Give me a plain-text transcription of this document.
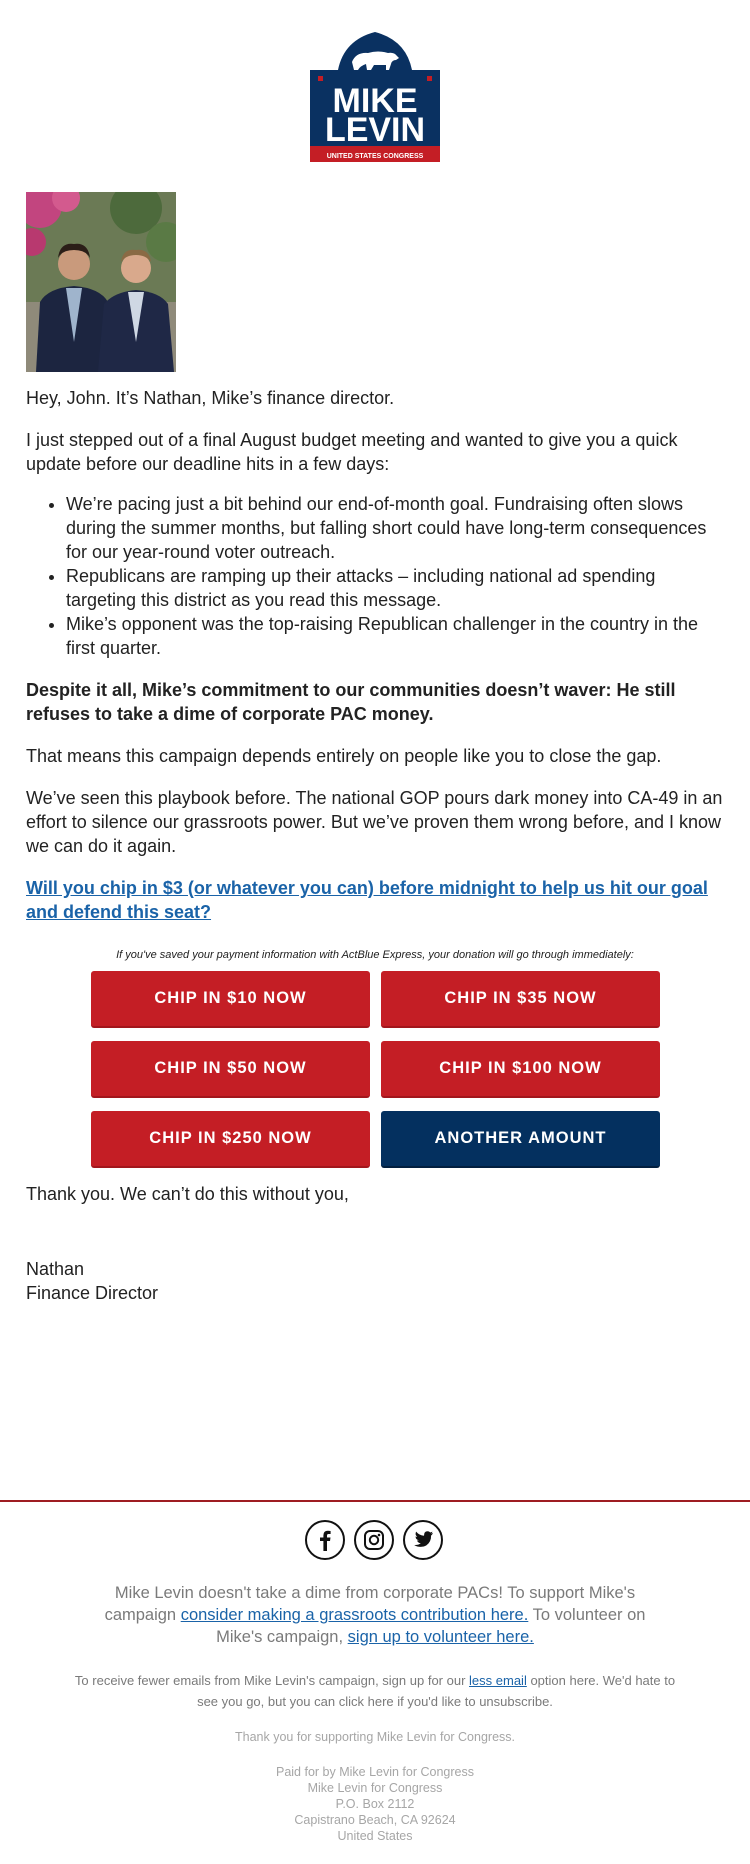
MIKE
LEVIN
UNITED STATES CONGRESS

Hey, John. It’s Nathan, Mike’s finance director.

I just stepped out of a final August budget meeting and wanted to give you a quick update before our deadline hits in a few days:

• We’re pacing just a bit behind our end-of-month goal. Fundraising often slows during the summer months, but falling short could have long-term consequences for our year-round voter outreach.
• Republicans are ramping up their attacks – including national ad spending targeting this district as you read this message.
• Mike’s opponent was the top-raising Republican challenger in the country in the first quarter.

Despite it all, Mike’s commitment to our communities doesn’t waver: He still refuses to take a dime of corporate PAC money.

That means this campaign depends entirely on people like you to close the gap.

We’ve seen this playbook before. The national GOP pours dark money into CA-49 in an effort to silence our grassroots power. But we’ve proven them wrong before, and I know we can do it again.

Will you chip in $3 (or whatever you can) before midnight to help us hit our goal and defend this seat?
If you've saved your payment information with ActBlue Express, your donation will go through immediately:
CHIP IN $10 NOW	CHIP IN $35 NOW
CHIP IN $50 NOW	CHIP IN $100 NOW
CHIP IN $250 NOW	ANOTHER AMOUNT
Thank you. We can’t do this without you,
Nathan
Finance Director
Mike Levin doesn't take a dime from corporate PACs! To support Mike's campaign consider making a grassroots contribution here. To volunteer on Mike's campaign, sign up to volunteer here.
To receive fewer emails from Mike Levin's campaign, sign up for our less email option here. We'd hate to see you go, but you can click here if you'd like to unsubscribe.
Thank you for supporting Mike Levin for Congress.
Paid for by Mike Levin for Congress
Mike Levin for Congress
P.O. Box 2112
Capistrano Beach, CA 92624
United States
